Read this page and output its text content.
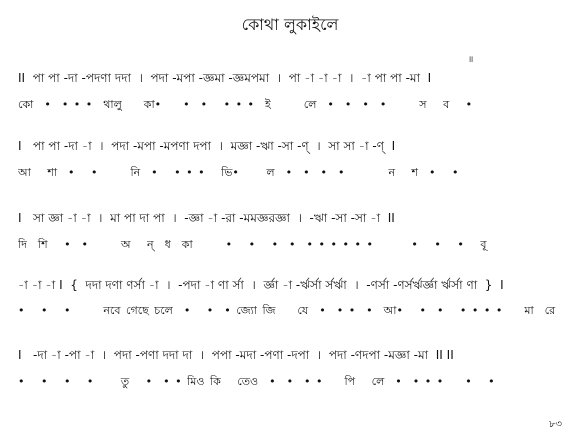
কোথা লুকাইলে
॥
II  পা পা -দা -পদণা দদা  ।  পদা -মপা -জ্ঞমা -জ্ঞমপমা  ।  পা -া -া -া  ।  -া পা পা -মা  I
কো  •  • • •  থালু    কা•    •  •   • • •  ই      লে  •  •  •  •      স   ব   •
I   পা পা -দা -া  ।  পদা -মপা -মপণা দপা  ।  মজ্ঞা -ঋা -সা -ণ্  ।  সা সা -া -ণ্  I
আ   শা  •   •      নি  •   • • •   ভি•     ল  •  •  •  •        ন   শ  •   •
I   সা জ্ঞা -া -া  ।  মা পা দা পা  ।  -জ্ঞা -া -রা -মমজ্ঞরজ্ঞা  ।  -ঋা -সা -সা -া  II
দি  শি   •  •      অ   ন্  ধ  কা      •   •   •  •  • • • • • •       •   •   •   বূ
-া -া -া I  {  দদা দণা ণর্সা -া  ।  -পদা -া ণা র্সা  ।  র্জ্ঞা -া -র্ঋর্সা র্সর্ঋা  ।  -ণর্সা -ণর্সর্ঋর্জ্ঞা র্ঋর্সা ণা  }  I
•   •   •      নবে গেছে চলে  •   •  • জ্যো জি    যে  •  • •  •  আ•   •  •   • • • •    মা  রে
I   -দা -া -পা -া  ।  পদা -পণা দদা দা  ।  পপা -মদা -পণা -দপা  ।  পদা -ণদপা -মজ্ঞা -মা  II II
•   •   •   •     তু   •  • • মিও কি   তেও  •  •  • •    পি   লে  •  • • •    •   •
৮৩
